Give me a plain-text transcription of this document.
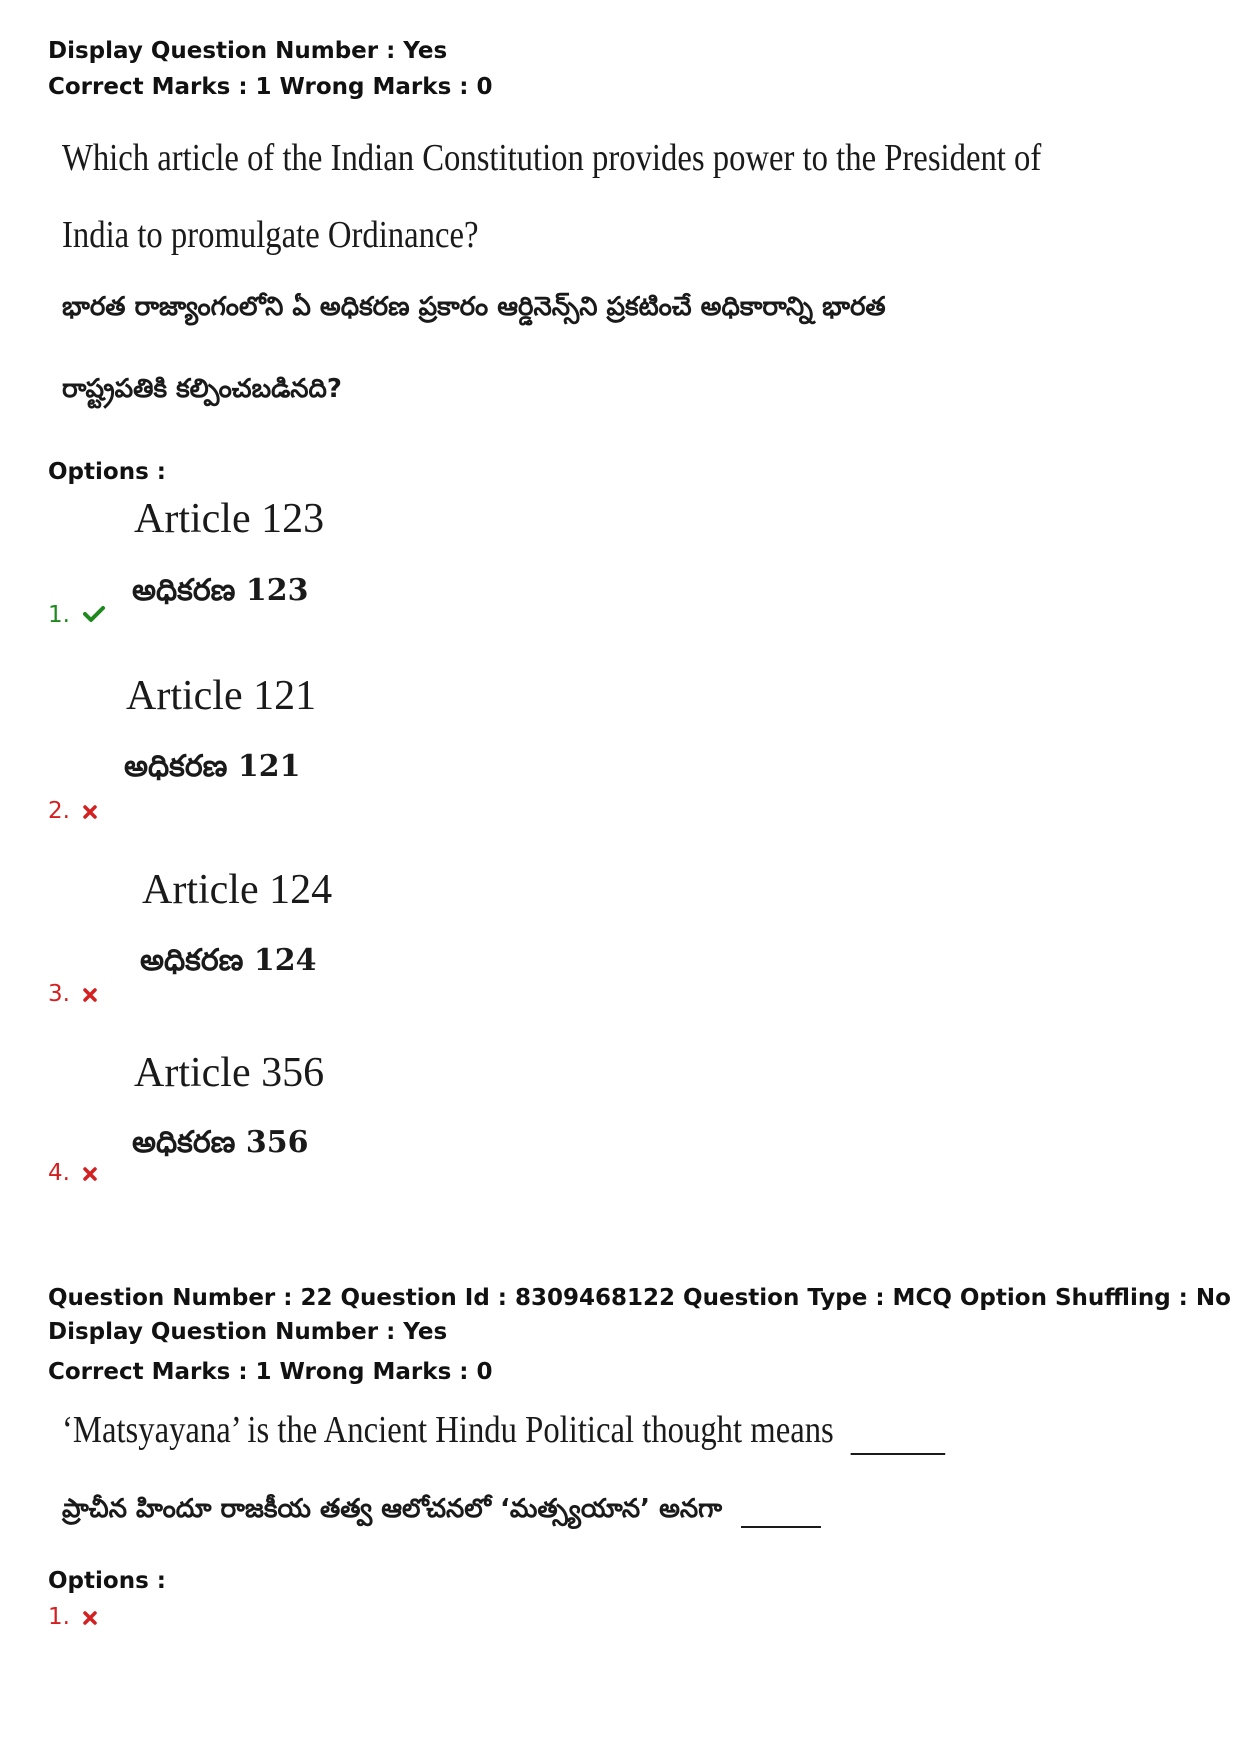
Display Question Number : Yes
Correct Marks : 1 Wrong Marks : 0
Which article of the Indian Constitution provides power to the President of
India to promulgate Ordinance?
భారత రాజ్యాంగంలోని ఏ అధికరణ ప్రకారం ఆర్డినెన్స్‌ని ప్రకటించే అధికారాన్ని భారత
రాష్ట్రపతికి కల్పించబడినది?
Options :
Article 123
అధికరణ 123
1.
Article 121
అధికరణ 121
2.
Article 124
అధికరణ 124
3.
Article 356
అధికరణ 356
4.
Question Number : 22 Question Id : 8309468122 Question Type : MCQ Option Shuffling : No
Display Question Number : Yes
Correct Marks : 1 Wrong Marks : 0
‘Matsyayana’ is the Ancient Hindu Political thought means
ప్రాచీన హిందూ రాజకీయ తత్వ ఆలోచనలో ‘మత్స్యయాన’ అనగా
Options :
1.
